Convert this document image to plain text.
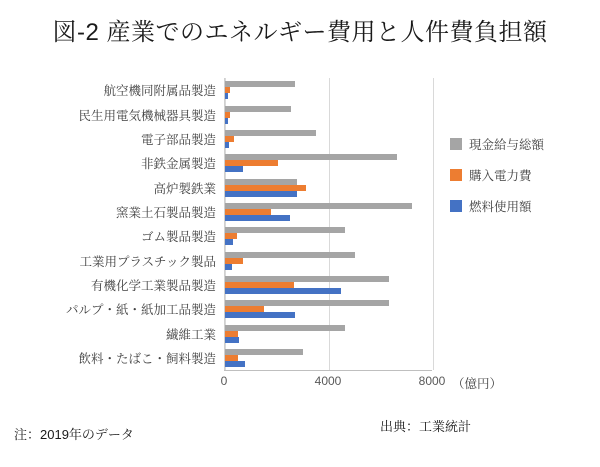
図-2 産業でのエネルギー費用と人件費負担額
航空機同附属品製造
民生用電気機械器具製造
電子部品製造
非鉄金属製造
高炉製鉄業
窯業土石製品製造
ゴム製品製造
工業用プラスチック製品
有機化学工業製品製造
パルプ・紙・紙加工品製造
繊維工業
飲料・たばこ・飼料製造
0	4000	8000 （億円）
現金給与総額
購入電力費
燃料使用額
注：2019年のデータ
出典：工業統計
